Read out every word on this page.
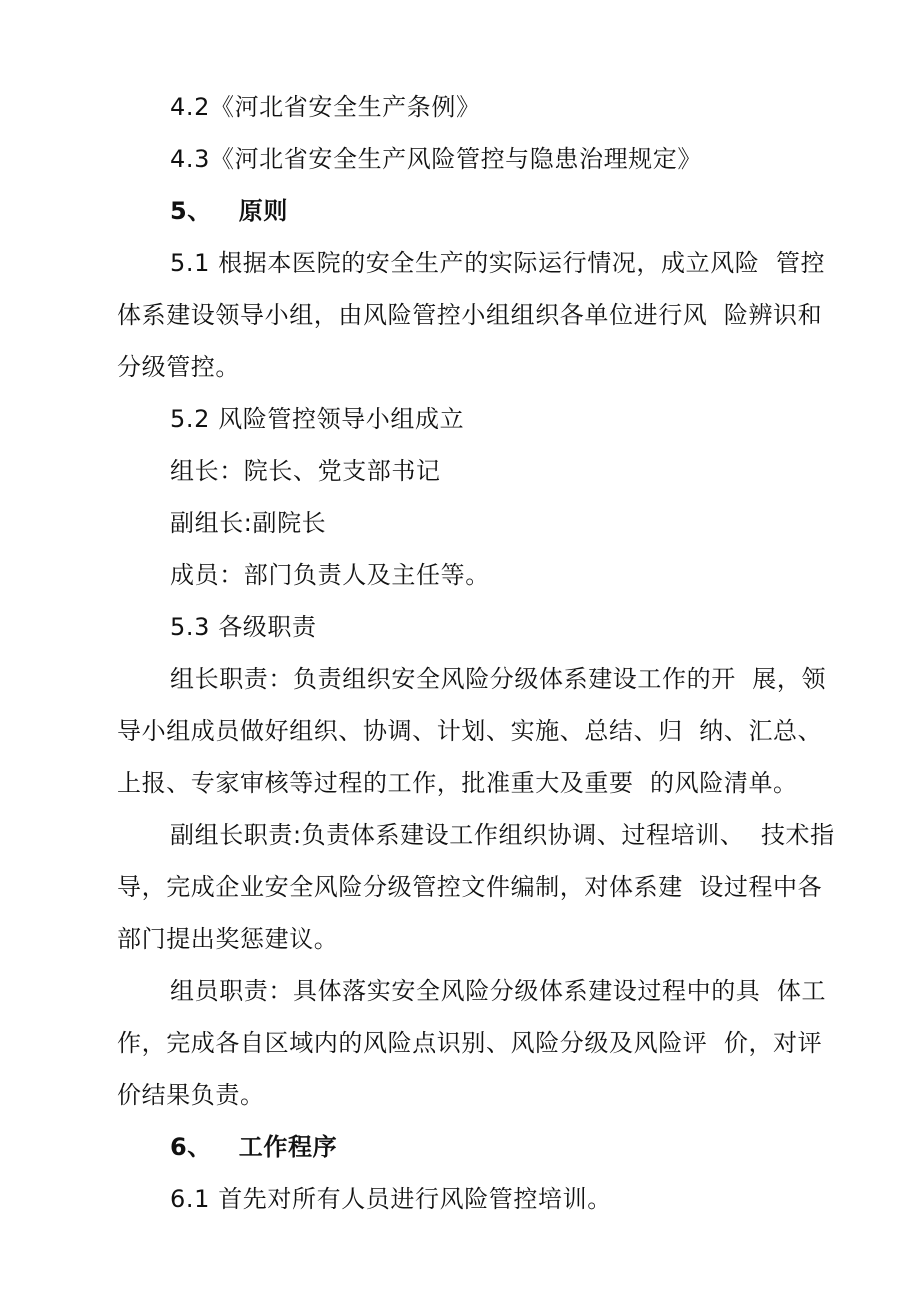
4.2《河北省安全生产条例》
4.3《河北省安全生产风险管控与隐患治理规定》
5、   原则
5.1 根据本医院的安全生产的实际运行情况，成立风险  管控
体系建设领导小组，由风险管控小组组织各单位进行风  险辨识和
分级管控。
5.2 风险管控领导小组成立
组长：院长、党支部书记
副组长:副院长
成员：部门负责人及主任等。
5.3 各级职责
组长职责：负责组织安全风险分级体系建设工作的开  展，领
导小组成员做好组织、协调、计划、实施、总结、归  纳、汇总、
上报、专家审核等过程的工作，批准重大及重要  的风险清单。
副组长职责:负责体系建设工作组织协调、过程培训、  技术指
导，完成企业安全风险分级管控文件编制，对体系建  设过程中各
部门提出奖惩建议。
组员职责：具体落实安全风险分级体系建设过程中的具  体工
作，完成各自区域内的风险点识别、风险分级及风险评  价，对评
价结果负责。
6、   工作程序
6.1 首先对所有人员进行风险管控培训。
